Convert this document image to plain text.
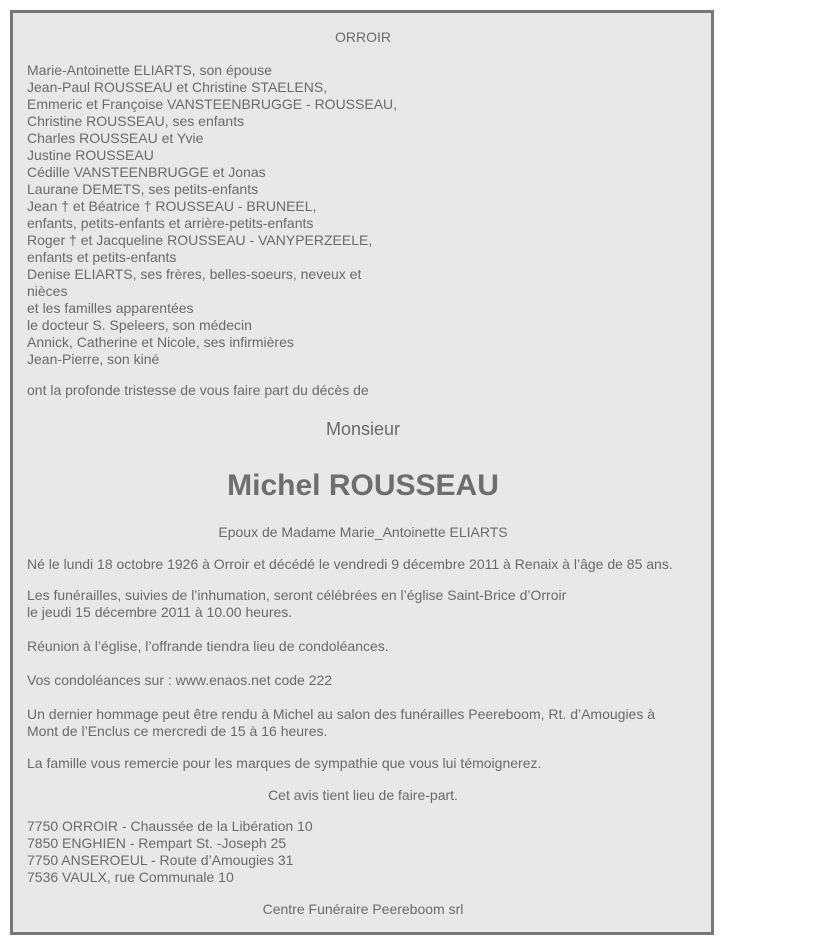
ORROIR
Marie-Antoinette ELIARTS, son épouse
Jean-Paul ROUSSEAU et Christine STAELENS,
Emmeric et Françoise VANSTEENBRUGGE - ROUSSEAU,
Christine ROUSSEAU, ses enfants
Charles ROUSSEAU et Yvie
Justine ROUSSEAU
Cédille VANSTEENBRUGGE et Jonas
Laurane DEMETS, ses petits-enfants
Jean † et Béatrice † ROUSSEAU - BRUNEEL,
enfants, petits-enfants et arrière-petits-enfants
Roger † et Jacqueline ROUSSEAU - VANYPERZEELE,
enfants et petits-enfants
Denise ELIARTS, ses frères, belles-soeurs, neveux et
nièces
et les familles apparentées
le docteur S. Speleers, son médecin
Annick, Catherine et Nicole, ses infirmières
Jean-Pierre, son kiné
ont la profonde tristesse de vous faire part du décès de
Monsieur
Michel ROUSSEAU
Epoux de Madame Marie_Antoinette ELIARTS
Né le lundi 18 octobre 1926 à Orroir et décédé le vendredi 9 décembre 2011 à Renaix à l’âge de 85 ans.
Les funérailles, suivies de l’inhumation, seront célébrées en l’église Saint-Brice d’Orroir
le jeudi 15 décembre 2011 à 10.00 heures.
Réunion à l’église, l’offrande tiendra lieu de condoléances.
Vos condoléances sur : www.enaos.net code 222
Un dernier hommage peut être rendu à Michel au salon des funérailles Peereboom, Rt. d’Amougies à
Mont de l’Enclus ce mercredi de 15 à 16 heures.
La famille vous remercie pour les marques de sympathie que vous lui témoignerez.
Cet avis tient lieu de faire-part.
7750 ORROIR - Chaussée de la Libération 10
7850 ENGHIEN - Rempart St. -Joseph 25
7750 ANSEROEUL - Route d’Amougies 31
7536 VAULX, rue Communale 10
Centre Funéraire Peereboom srl
